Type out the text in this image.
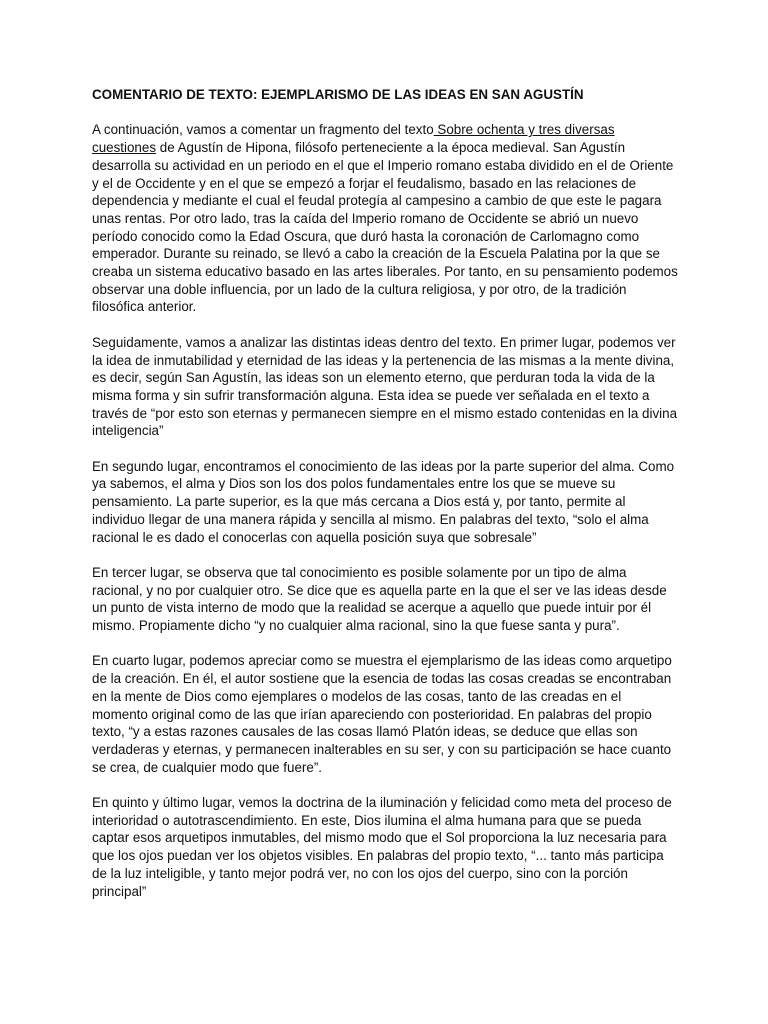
COMENTARIO DE TEXTO: EJEMPLARISMO DE LAS IDEAS EN SAN AGUSTÍN

A continuación, vamos a comentar un fragmento del texto Sobre ochenta y tres diversas cuestiones de Agustín de Hipona, filósofo perteneciente a la época medieval. San Agustín desarrolla su actividad en un periodo en el que el Imperio romano estaba dividido en el de Oriente y el de Occidente y en el que se empezó a forjar el feudalismo, basado en las relaciones de dependencia y mediante el cual el feudal protegía al campesino a cambio de que este le pagara unas rentas. Por otro lado, tras la caída del Imperio romano de Occidente se abrió un nuevo período conocido como la Edad Oscura, que duró hasta la coronación de Carlomagno como emperador. Durante su reinado, se llevó a cabo la creación de la Escuela Palatina por la que se creaba un sistema educativo basado en las artes liberales. Por tanto, en su pensamiento podemos observar una doble influencia, por un lado de la cultura religiosa, y por otro, de la tradición filosófica anterior.

Seguidamente, vamos a analizar las distintas ideas dentro del texto. En primer lugar, podemos ver la idea de inmutabilidad y eternidad de las ideas y la pertenencia de las mismas a la mente divina, es decir, según San Agustín, las ideas son un elemento eterno, que perduran toda la vida de la misma forma y sin sufrir transformación alguna. Esta idea se puede ver señalada en el texto a través de “por esto son eternas y permanecen siempre en el mismo estado contenidas en la divina inteligencia”

En segundo lugar, encontramos el conocimiento de las ideas por la parte superior del alma. Como ya sabemos, el alma y Dios son los dos polos fundamentales entre los que se mueve su pensamiento. La parte superior, es la que más cercana a Dios está y, por tanto, permite al individuo llegar de una manera rápida y sencilla al mismo. En palabras del texto, “solo el alma racional le es dado el conocerlas con aquella posición suya que sobresale”

En tercer lugar, se observa que tal conocimiento es posible solamente por un tipo de alma racional, y no por cualquier otro. Se dice que es aquella parte en la que el ser ve las ideas desde un punto de vista interno de modo que la realidad se acerque a aquello que puede intuir por él mismo. Propiamente dicho “y no cualquier alma racional, sino la que fuese santa y pura”.

En cuarto lugar, podemos apreciar como se muestra el ejemplarismo de las ideas como arquetipo de la creación. En él, el autor sostiene que la esencia de todas las cosas creadas se encontraban en la mente de Dios como ejemplares o modelos de las cosas, tanto de las creadas en el momento original como de las que irían apareciendo con posterioridad. En palabras del propio texto, “y a estas razones causales de las cosas llamó Platón ideas, se deduce que ellas son verdaderas y eternas, y permanecen inalterables en su ser, y con su participación se hace cuanto se crea, de cualquier modo que fuere”.

En quinto y último lugar, vemos la doctrina de la iluminación y felicidad como meta del proceso de interioridad o autotrascendimiento. En este, Dios ilumina el alma humana para que se pueda captar esos arquetipos inmutables, del mismo modo que el Sol proporciona la luz necesaria para que los ojos puedan ver los objetos visibles. En palabras del propio texto, “... tanto más participa de la luz inteligible, y tanto mejor podrá ver, no con los ojos del cuerpo, sino con la porción principal”
